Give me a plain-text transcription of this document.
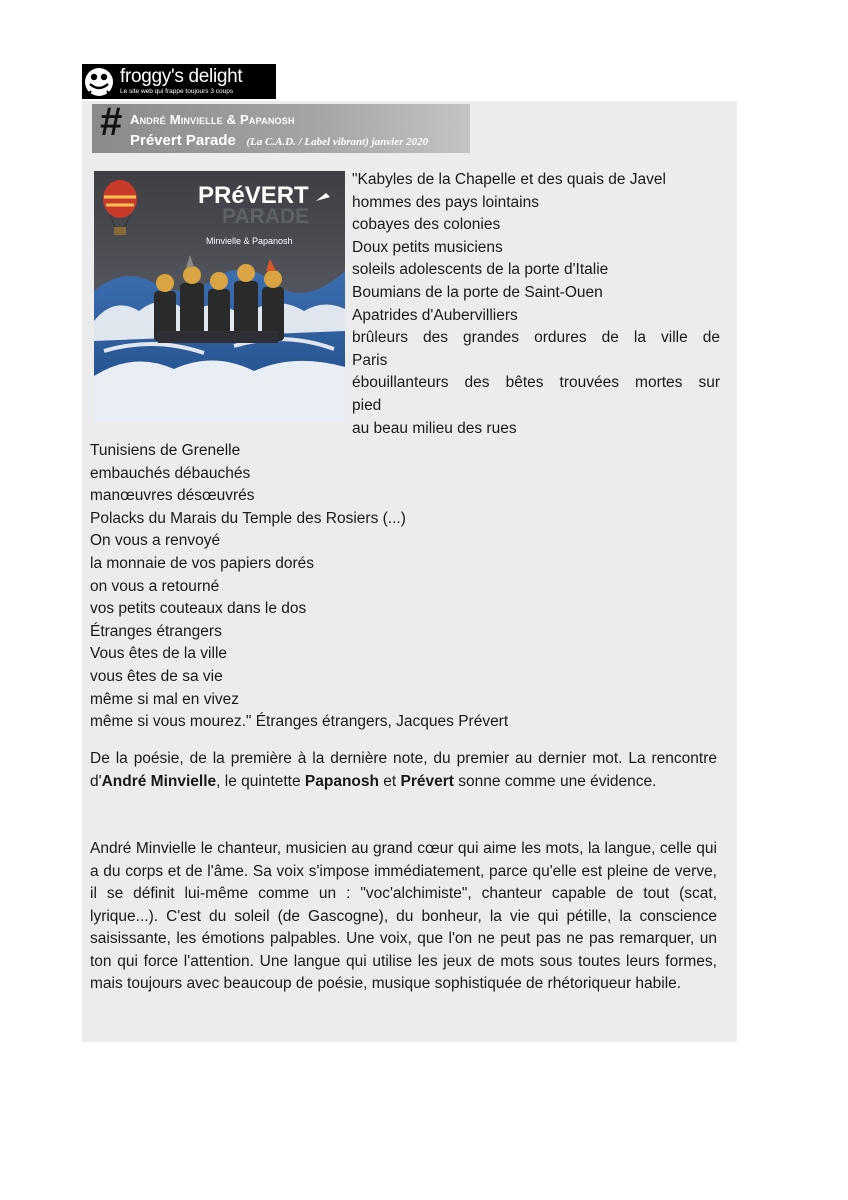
froggy's delight
Le site web qui frappe toujours 3 coups
# André Minvielle & Papanosh
Prévert Parade (La C.A.D. / Label vibrant) janvier 2020
PRéVERT
PARADE
Minvielle & Papanosh
"Kabyles de la Chapelle et des quais de Javel
hommes des pays lointains
cobayes des colonies
Doux petits musiciens
soleils adolescents de la porte d'Italie
Boumians de la porte de Saint-Ouen
Apatrides d'Aubervilliers
brûleurs des grandes ordures de la ville de
Paris
ébouillanteurs des bêtes trouvées mortes sur
pied
au beau milieu des rues
Tunisiens de Grenelle
embauchés débauchés
manœuvres désœuvrés
Polacks du Marais du Temple des Rosiers (...)
On vous a renvoyé
la monnaie de vos papiers dorés
on vous a retourné
vos petits couteaux dans le dos
Étranges étrangers
Vous êtes de la ville
vous êtes de sa vie
même si mal en vivez
même si vous mourez." Étranges étrangers, Jacques Prévert

De la poésie, de la première à la dernière note, du premier au dernier mot. La rencontre d'André Minvielle, le quintette Papanosh et Prévert sonne comme une évidence.

André Minvielle le chanteur, musicien au grand cœur qui aime les mots, la langue, celle qui a du corps et de l'âme. Sa voix s'impose immédiatement, parce qu'elle est pleine de verve, il se définit lui-même comme un : "voc'alchimiste", chanteur capable de tout (scat, lyrique...). C'est du soleil (de Gascogne), du bonheur, la vie qui pétille, la conscience saisissante, les émotions palpables. Une voix, que l'on ne peut pas ne pas remarquer, un ton qui force l'attention. Une langue qui utilise les jeux de mots sous toutes leurs formes, mais toujours avec beaucoup de poésie, musique sophistiquée de rhétoriqueur habile.
